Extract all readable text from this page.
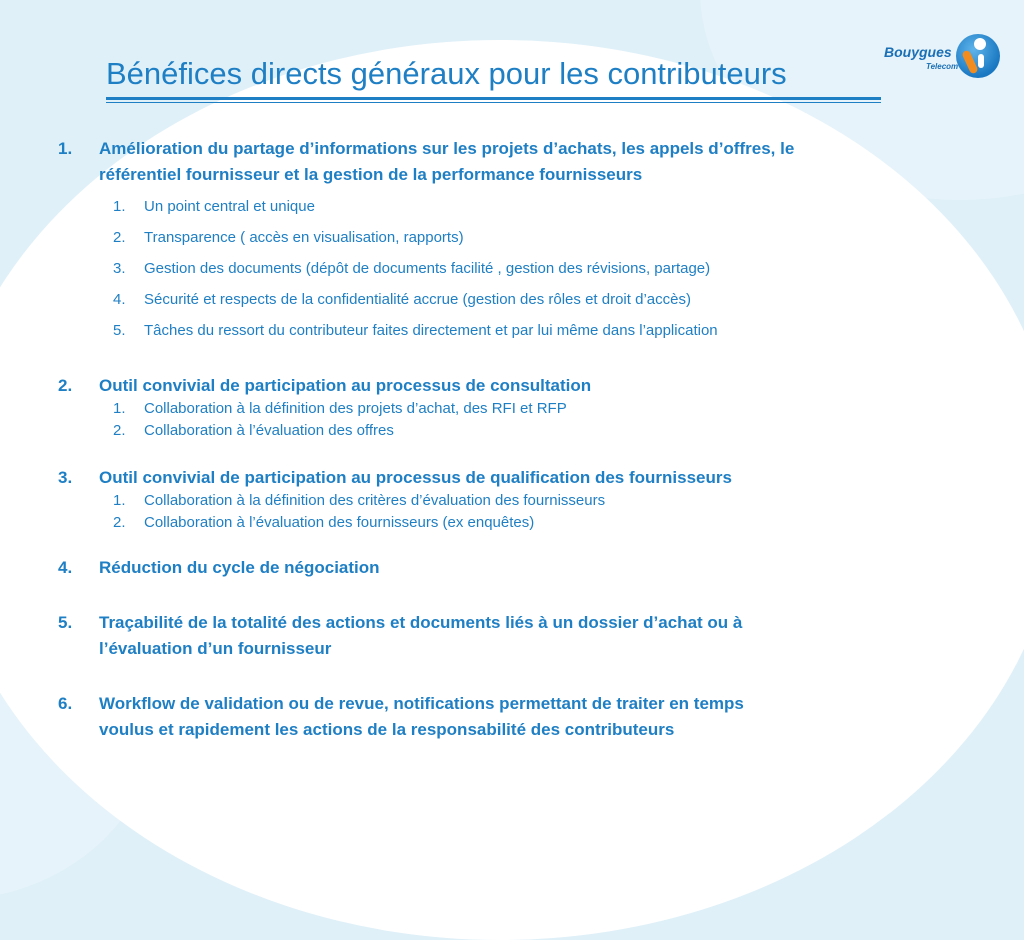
Bénéfices directs généraux pour les contributeurs
Bouygues
Telecom
1. Amélioration du partage d’informations sur les projets d’achats, les appels d’offres, le
référentiel fournisseur et la gestion de la performance fournisseurs
1. Un point central et unique
2. Transparence ( accès en visualisation, rapports)
3. Gestion des documents (dépôt de documents facilité , gestion des révisions, partage)
4. Sécurité et respects de la confidentialité accrue (gestion des rôles et droit d’accès)
5. Tâches du ressort du contributeur faites directement et par lui même dans l’application
2. Outil convivial de participation au processus de consultation
1. Collaboration à la définition des projets d’achat, des RFI et RFP
2. Collaboration à l’évaluation des offres
3. Outil convivial de participation au processus de qualification des fournisseurs
1. Collaboration à la définition des critères d’évaluation des fournisseurs
2. Collaboration à l’évaluation des fournisseurs (ex enquêtes)
4. Réduction du cycle de négociation
5. Traçabilité de la totalité des actions et documents liés à un dossier d’achat ou à
l’évaluation d’un fournisseur
6. Workflow de validation ou de revue, notifications permettant de traiter en temps
voulus et rapidement les actions de la responsabilité des contributeurs
